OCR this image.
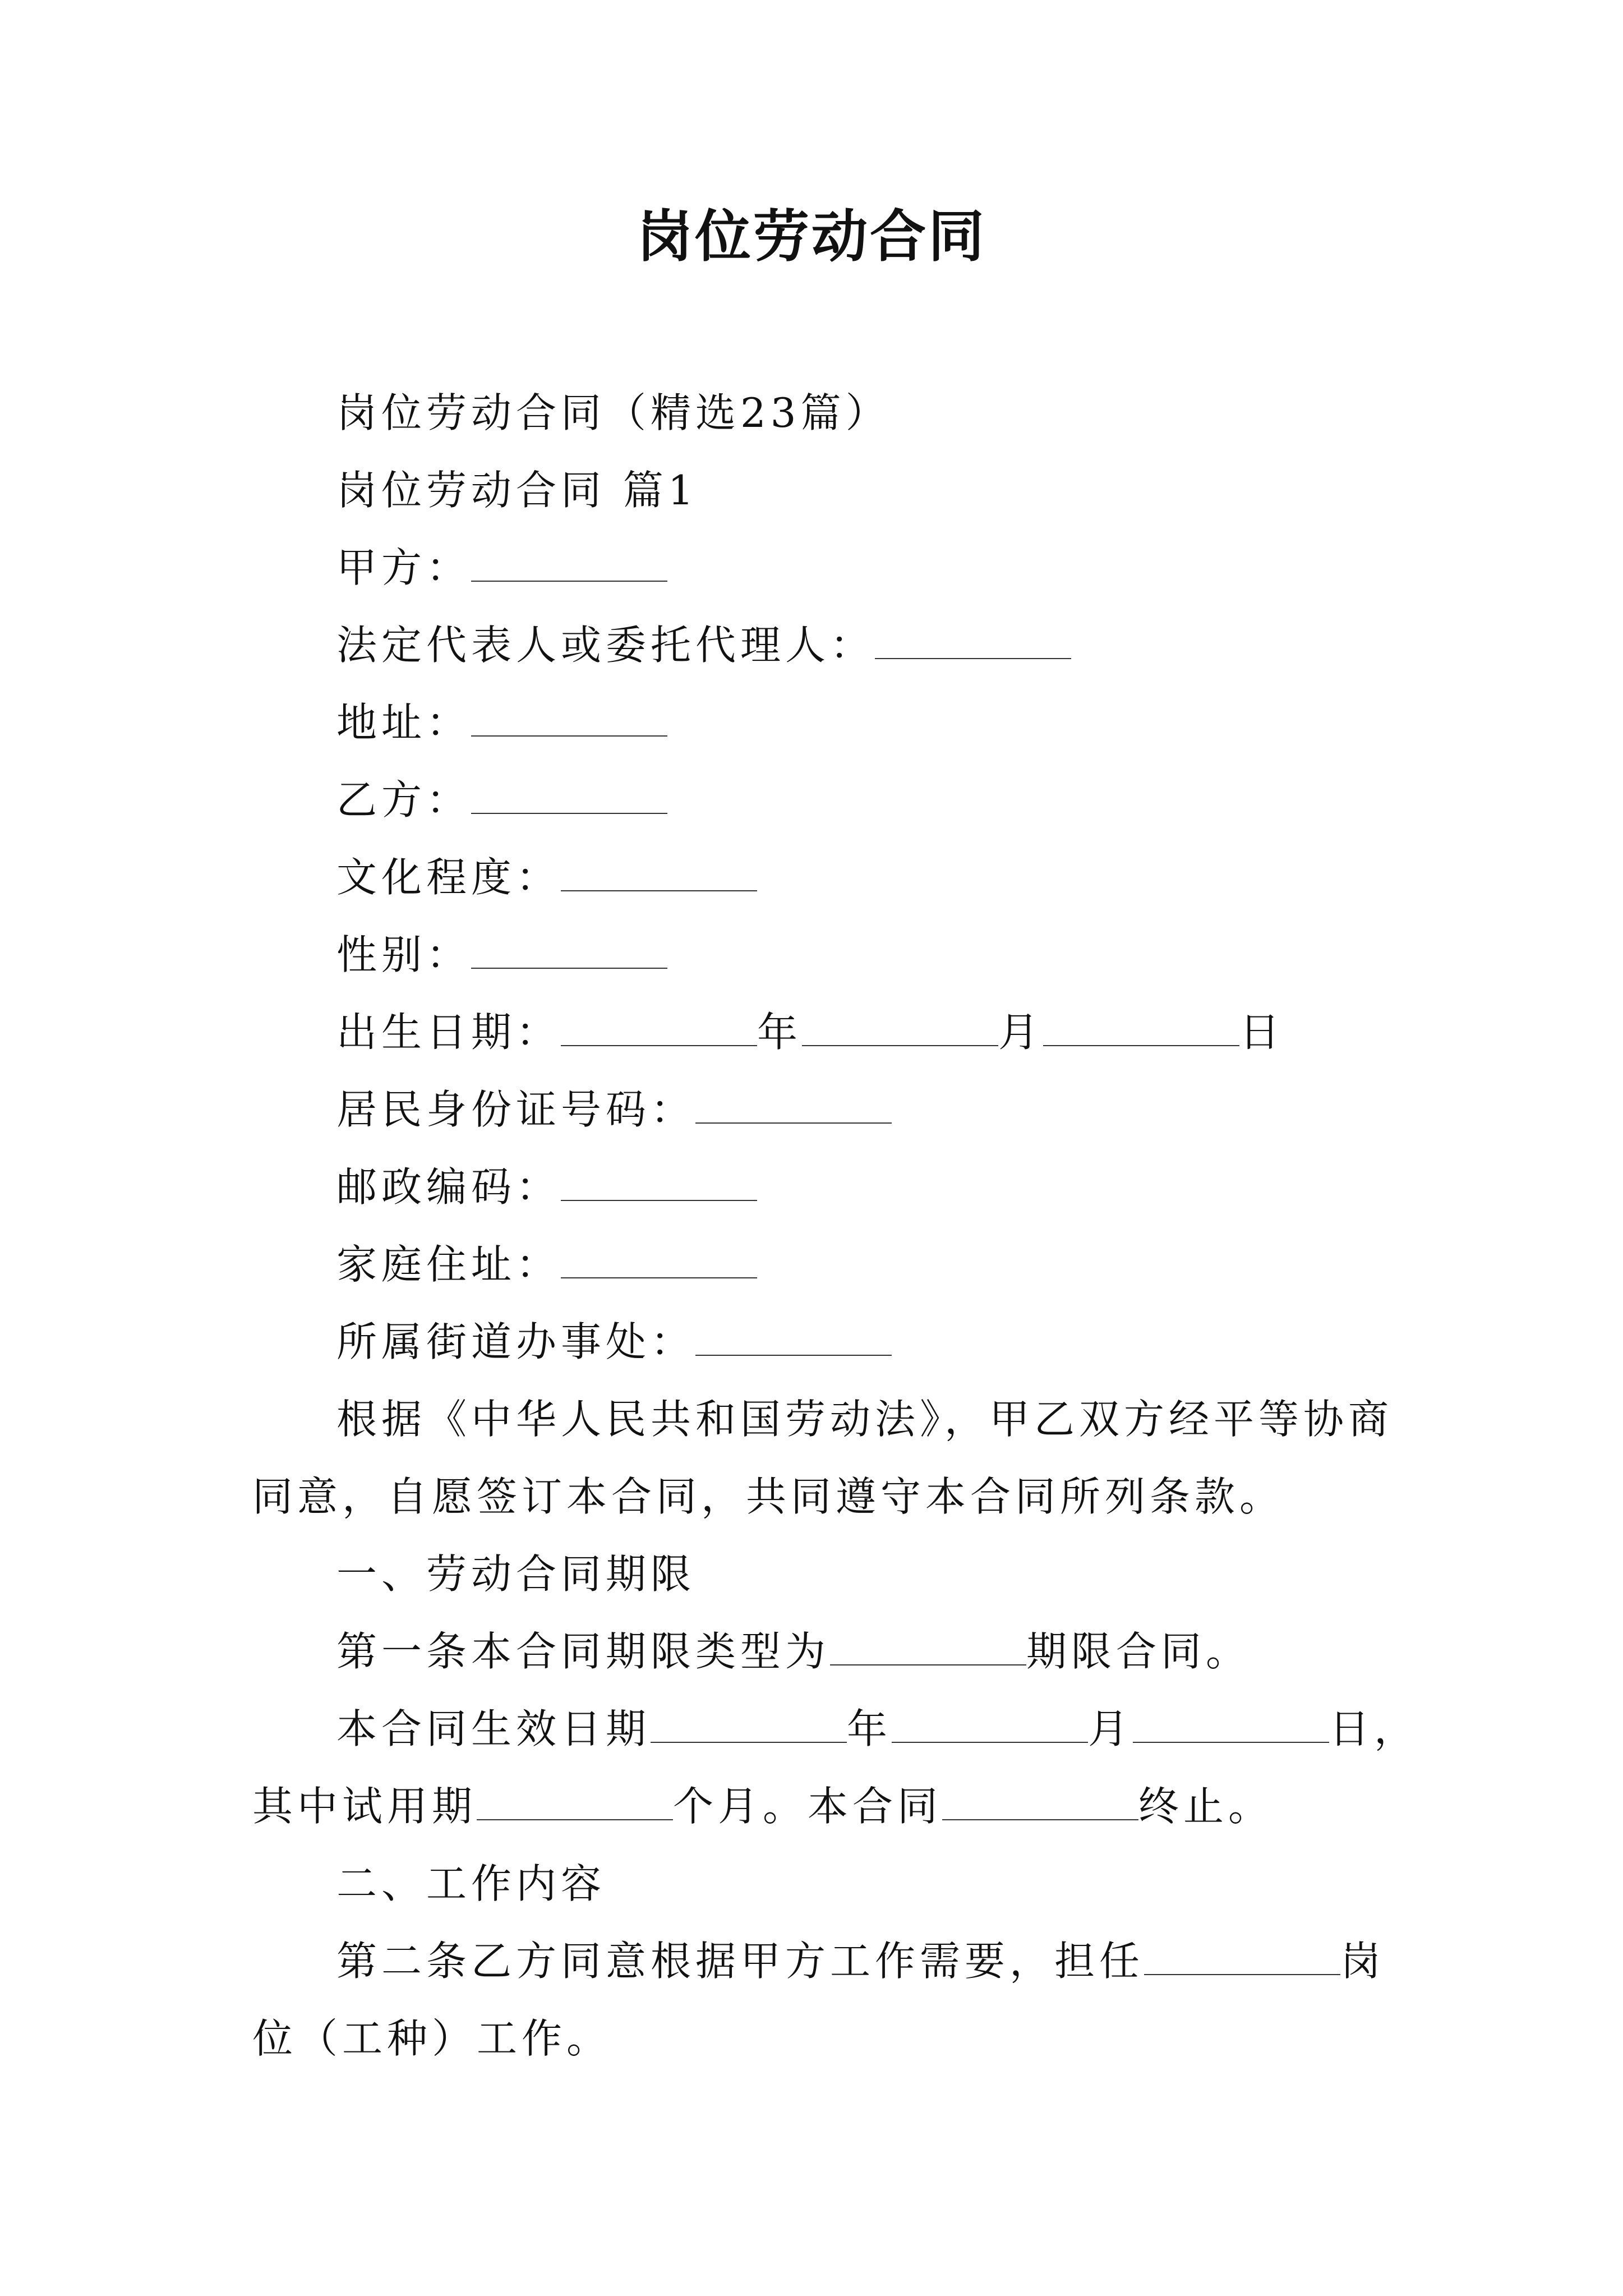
岗位劳动合同

岗位劳动合同（精选23篇）

岗位劳动合同 篇1

甲方：

法定代表人或委托代理人：

地址：

乙方：

文化程度：

性别：

出生日期：	年	月	日

居民身份证号码：

邮政编码：

家庭住址：

所属街道办事处：

根据《中华人民共和国劳动法》，甲乙双方经平等协商

同意，自愿签订本合同，共同遵守本合同所列条款。

一、劳动合同期限

第一条本合同期限类型为	期限合同。

本合同生效日期	年	月	日，

其中试用期	个月。本合同	终止。

二、工作内容

第二条乙方同意根据甲方工作需要，担任	岗

位（工种）工作。
